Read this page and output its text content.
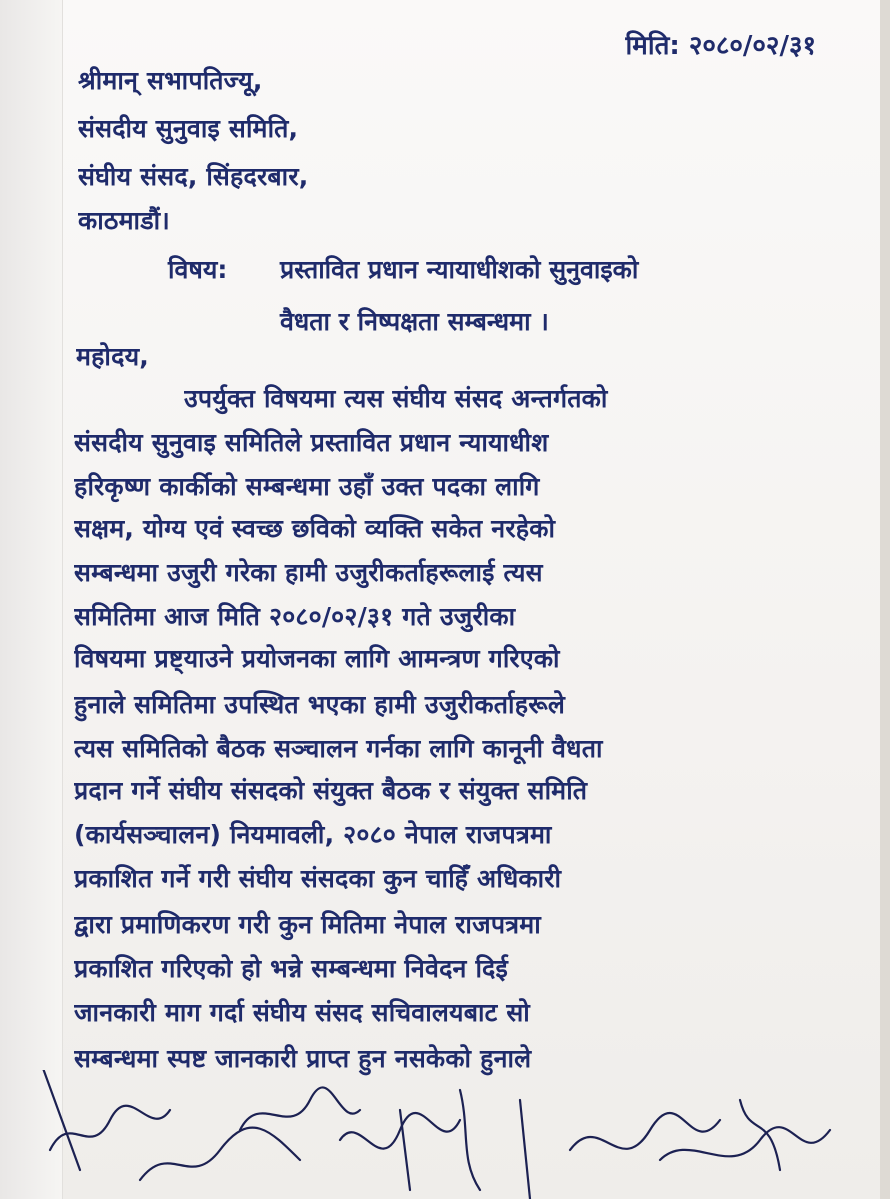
मिति: २०८०/०२/३१
श्रीमान् सभापतिज्यू,
संसदीय सुनुवाइ समिति,
संघीय संसद, सिंहदरबार,
काठमाडौं।
विषय: प्रस्तावित प्रधान न्यायाधीशको सुनुवाइको
वैधता र निष्पक्षता सम्बन्धमा ।
महोदय,
उपर्युक्त विषयमा त्यस संघीय संसद अन्तर्गतको
संसदीय सुनुवाइ समितिले प्रस्तावित प्रधान न्यायाधीश
हरिकृष्ण कार्कीको सम्बन्धमा उहाँ उक्त पदका लागि
सक्षम, योग्य एवं स्वच्छ छविको व्यक्ति सकेत नरहेको
सम्बन्धमा उजुरी गरेका हामी उजुरीकर्ताहरूलाई त्यस
समितिमा आज मिति २०८०/०२/३१ गते उजुरीका
विषयमा प्रष्ट्याउने प्रयोजनका लागि आमन्त्रण गरिएको
हुनाले समितिमा उपस्थित भएका हामी उजुरीकर्ताहरूले
त्यस समितिको बैठक सञ्चालन गर्नका लागि कानूनी वैधता
प्रदान गर्ने संघीय संसदको संयुक्त बैठक र संयुक्त समिति
(कार्यसञ्चालन) नियमावली, २०८० नेपाल राजपत्रमा
प्रकाशित गर्ने गरी संघीय संसदका कुन चाहिँ अधिकारी
द्वारा प्रमाणिकरण गरी कुन मितिमा नेपाल राजपत्रमा
प्रकाशित गरिएको हो भन्ने सम्बन्धमा निवेदन दिई
जानकारी माग गर्दा संघीय संसद सचिवालयबाट सो
सम्बन्धमा स्पष्ट जानकारी प्राप्त हुन नसकेको हुनाले
